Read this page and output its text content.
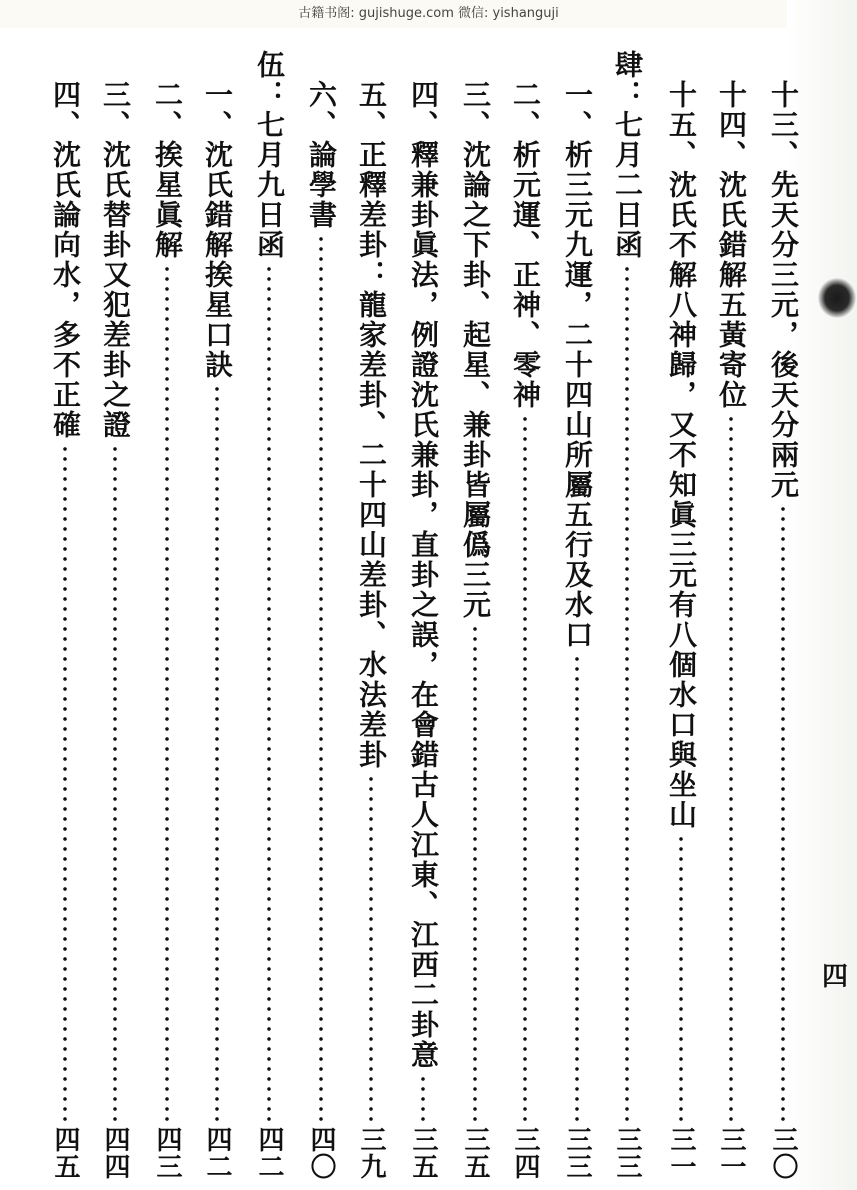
古籍书阁: gujishuge.com 微信: yishanguji
四
十三、先天分三元，後天分兩元
三〇
十四、沈氏錯解五黃寄位
三一
十五、沈氏不解八神歸，又不知眞三元有八個水口與坐山
三一
肆：七月二日函
三三
一、析三元九運，二十四山所屬五行及水口
三三
二、析元運、正神、零神
三四
三、沈論之下卦、起星、兼卦皆屬僞三元
三五
四、釋兼卦眞法，例證沈氏兼卦，直卦之誤，在會錯古人江東、江西二卦意
三五
五、正釋差卦：龍家差卦、二十四山差卦、水法差卦
三九
六、論學書
四〇
伍：七月九日函
四二
一、沈氏錯解挨星口訣
四二
二、挨星眞解
四三
三、沈氏替卦又犯差卦之證
四四
四、沈氏論向水，多不正確
四五
